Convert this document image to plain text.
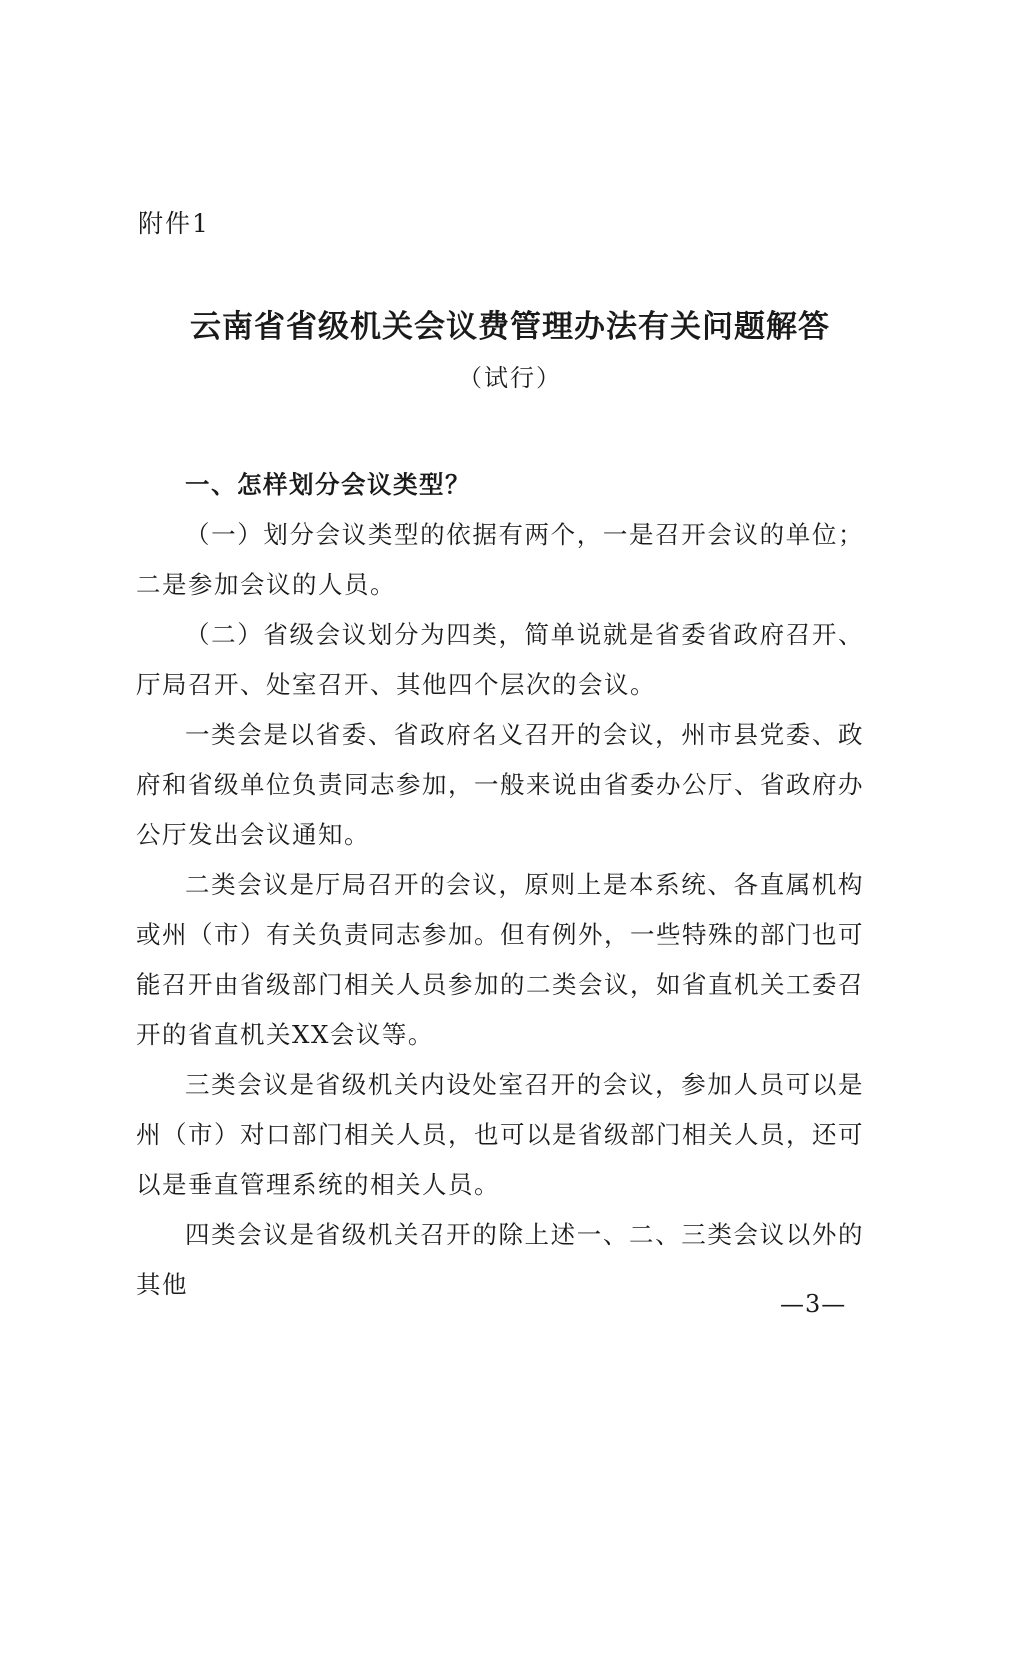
附件1
云南省省级机关会议费管理办法有关问题解答
（试行）

一、怎样划分会议类型？

（一）划分会议类型的依据有两个，一是召开会议的单位；二是参加会议的人员。

（二）省级会议划分为四类，简单说就是省委省政府召开、厅局召开、处室召开、其他四个层次的会议。

一类会是以省委、省政府名义召开的会议，州市县党委、政府和省级单位负责同志参加，一般来说由省委办公厅、省政府办公厅发出会议通知。

二类会议是厅局召开的会议，原则上是本系统、各直属机构或州（市）有关负责同志参加。但有例外，一些特殊的部门也可能召开由省级部门相关人员参加的二类会议，如省直机关工委召开的省直机关XX会议等。

三类会议是省级机关内设处室召开的会议，参加人员可以是州（市）对口部门相关人员，也可以是省级部门相关人员，还可以是垂直管理系统的相关人员。

四类会议是省级机关召开的除上述一、二、三类会议以外的其他

—3—
